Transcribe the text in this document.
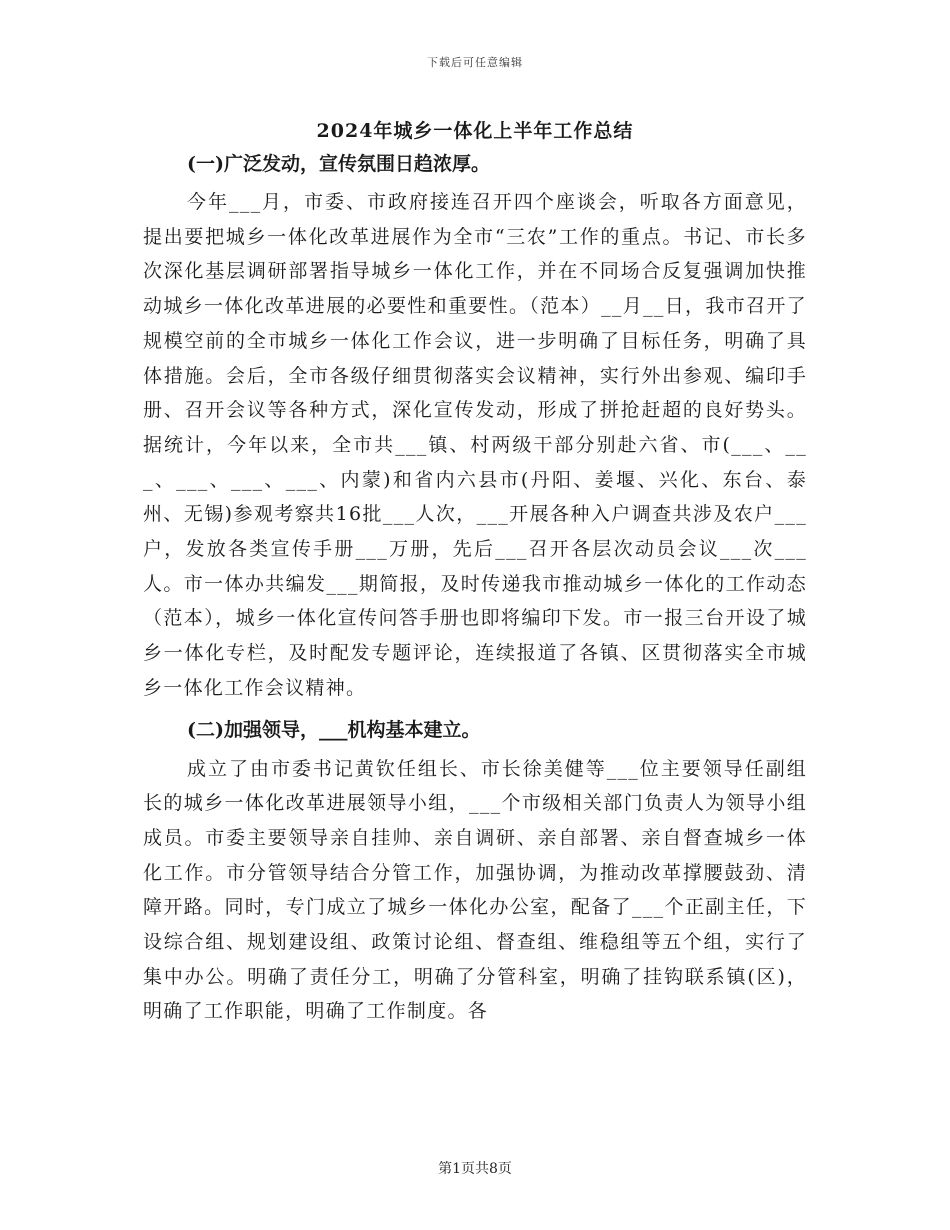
下载后可任意编辑
2024年城乡一体化上半年工作总结

(一)广泛发动，宣传氛围日趋浓厚。

今年___月，市委、市政府接连召开四个座谈会，听取各方面意见，提出要把城乡一体化改革进展作为全市“三农”工作的重点。书记、市长多次深化基层调研部署指导城乡一体化工作，并在不同场合反复强调加快推动城乡一体化改革进展的必要性和重要性。（范本）__月__日，我市召开了规模空前的全市城乡一体化工作会议，进一步明确了目标任务，明确了具体措施。会后，全市各级仔细贯彻落实会议精神，实行外出参观、编印手册、召开会议等各种方式，深化宣传发动，形成了拼抢赶超的良好势头。据统计，今年以来，全市共___镇、村两级干部分别赴六省、市(___、___、___、___、___、内蒙)和省内六县市(丹阳、姜堰、兴化、东台、泰州、无锡)参观考察共16批___人次，___开展各种入户调查共涉及农户___户，发放各类宣传手册___万册，先后___召开各层次动员会议___次___人。市一体办共编发___期简报，及时传递我市推动城乡一体化的工作动态（范本），城乡一体化宣传问答手册也即将编印下发。市一报三台开设了城乡一体化专栏，及时配发专题评论，连续报道了各镇、区贯彻落实全市城乡一体化工作会议精神。

(二)加强领导，___机构基本建立。

成立了由市委书记黄钦任组长、市长徐美健等___位主要领导任副组长的城乡一体化改革进展领导小组，___个市级相关部门负责人为领导小组成员。市委主要领导亲自挂帅、亲自调研、亲自部署、亲自督查城乡一体化工作。市分管领导结合分管工作，加强协调，为推动改革撑腰鼓劲、清障开路。同时，专门成立了城乡一体化办公室，配备了___个正副主任，下设综合组、规划建设组、政策讨论组、督查组、维稳组等五个组，实行了集中办公。明确了责任分工，明确了分管科室，明确了挂钩联系镇(区)，明确了工作职能，明确了工作制度。各

第1页共8页
